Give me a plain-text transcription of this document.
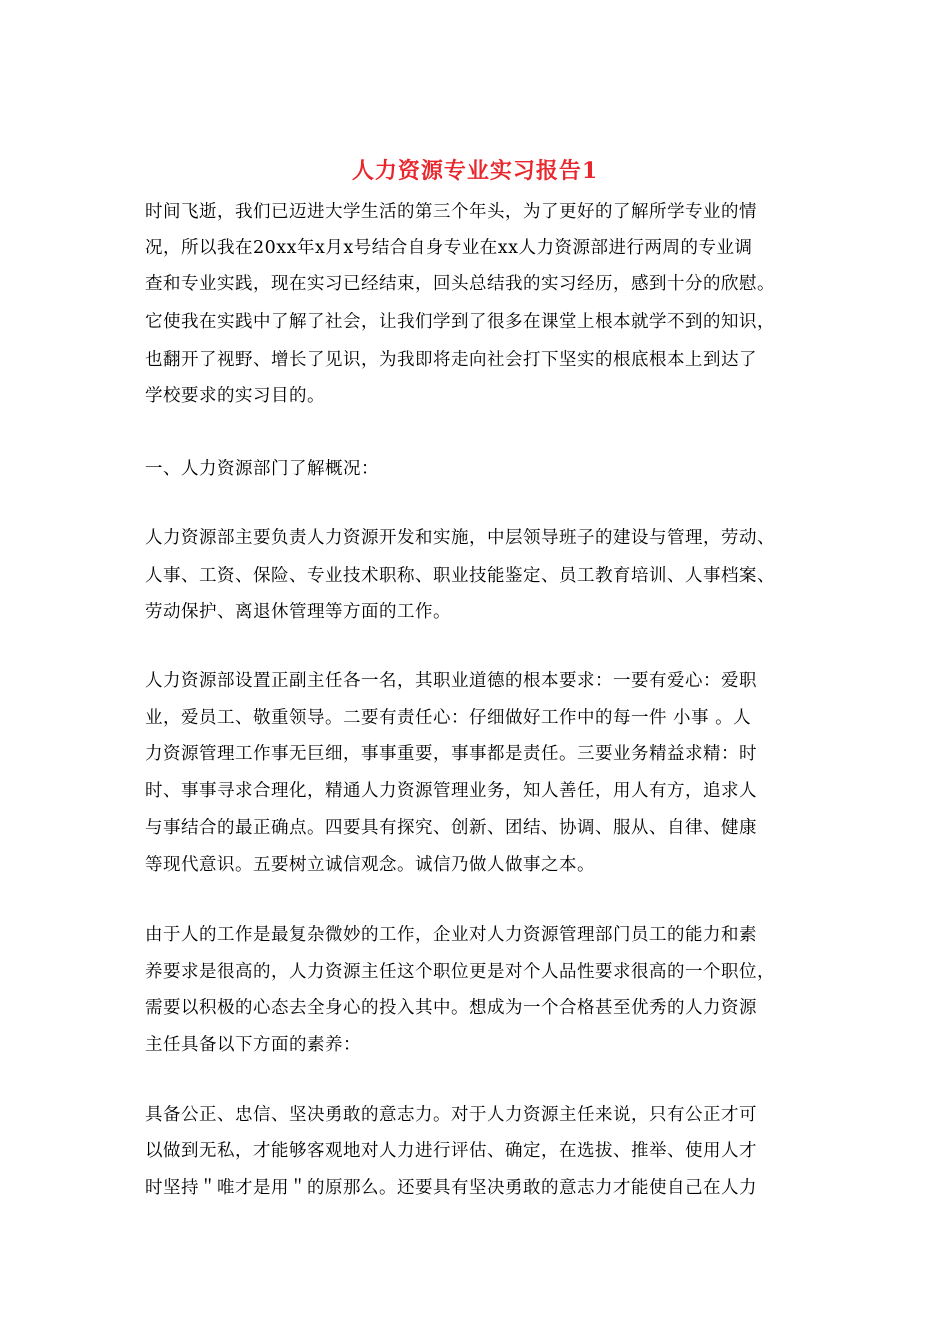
人力资源专业实习报告1
时间飞逝，我们已迈进大学生活的第三个年头，为了更好的了解所学专业的情
况，所以我在20xx年x月x号结合自身专业在xx人力资源部进行两周的专业调
查和专业实践，现在实习已经结束，回头总结我的实习经历，感到十分的欣慰。
它使我在实践中了解了社会，让我们学到了很多在课堂上根本就学不到的知识，
也翻开了视野、增长了见识，为我即将走向社会打下坚实的根底根本上到达了
学校要求的实习目的。
一、人力资源部门了解概况：
人力资源部主要负责人力资源开发和实施，中层领导班子的建设与管理，劳动、
人事、工资、保险、专业技术职称、职业技能鉴定、员工教育培训、人事档案、
劳动保护、离退休管理等方面的工作。
人力资源部设置正副主任各一名，其职业道德的根本要求：一要有爱心：爱职
业，爱员工、敬重领导。二要有责任心：仔细做好工作中的每一件 小事 。人
力资源管理工作事无巨细，事事重要，事事都是责任。三要业务精益求精：时
时、事事寻求合理化，精通人力资源管理业务，知人善任，用人有方，追求人
与事结合的最正确点。四要具有探究、创新、团结、协调、服从、自律、健康
等现代意识。五要树立诚信观念。诚信乃做人做事之本。
由于人的工作是最复杂微妙的工作，企业对人力资源管理部门员工的能力和素
养要求是很高的，人力资源主任这个职位更是对个人品性要求很高的一个职位，
需要以积极的心态去全身心的投入其中。想成为一个合格甚至优秀的人力资源
主任具备以下方面的素养：
具备公正、忠信、坚决勇敢的意志力。对于人力资源主任来说，只有公正才可
以做到无私，才能够客观地对人力进行评估、确定，在选拔、推举、使用人才
时坚持＂唯才是用＂的原那么。还要具有坚决勇敢的意志力才能使自己在人力
